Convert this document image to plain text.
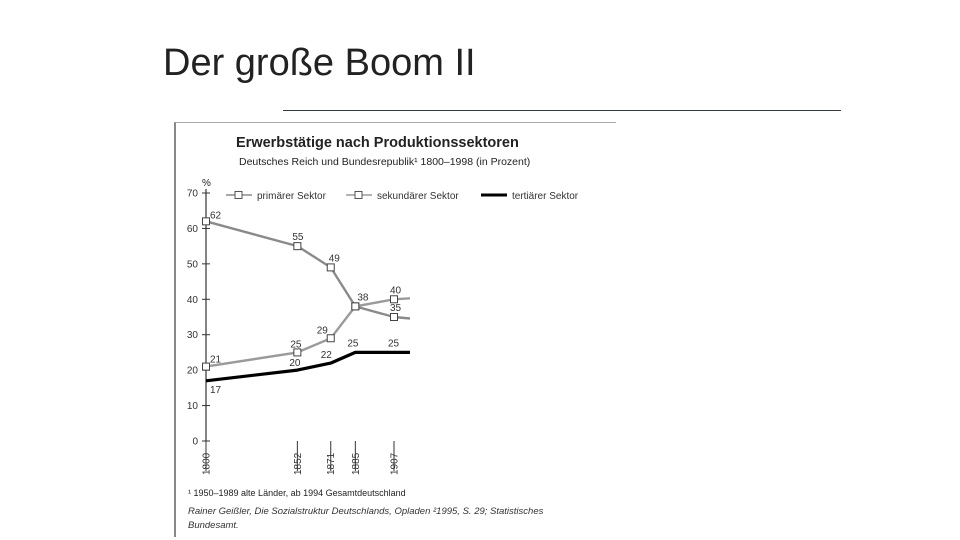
Der große Boom II
Erwerbstätige nach Produktionssektoren
Deutsches Reich und Bundesrepublik¹ 1800–1998 (in Prozent)
%
primärer Sektor	sekundärer Sektor	tertiärer Sektor
0
10
20
30
40
50
60
70
1800	1852 1871 1885	1907
62
55
49
38
35
21
25
29
40
17
20
22
25	25
¹ 1950–1989 alte Länder, ab 1994 Gesamtdeutschland
Rainer Geißler, Die Sozialstruktur Deutschlands, Opladen ²1995, S. 29; Statistisches
Bundesamt.
